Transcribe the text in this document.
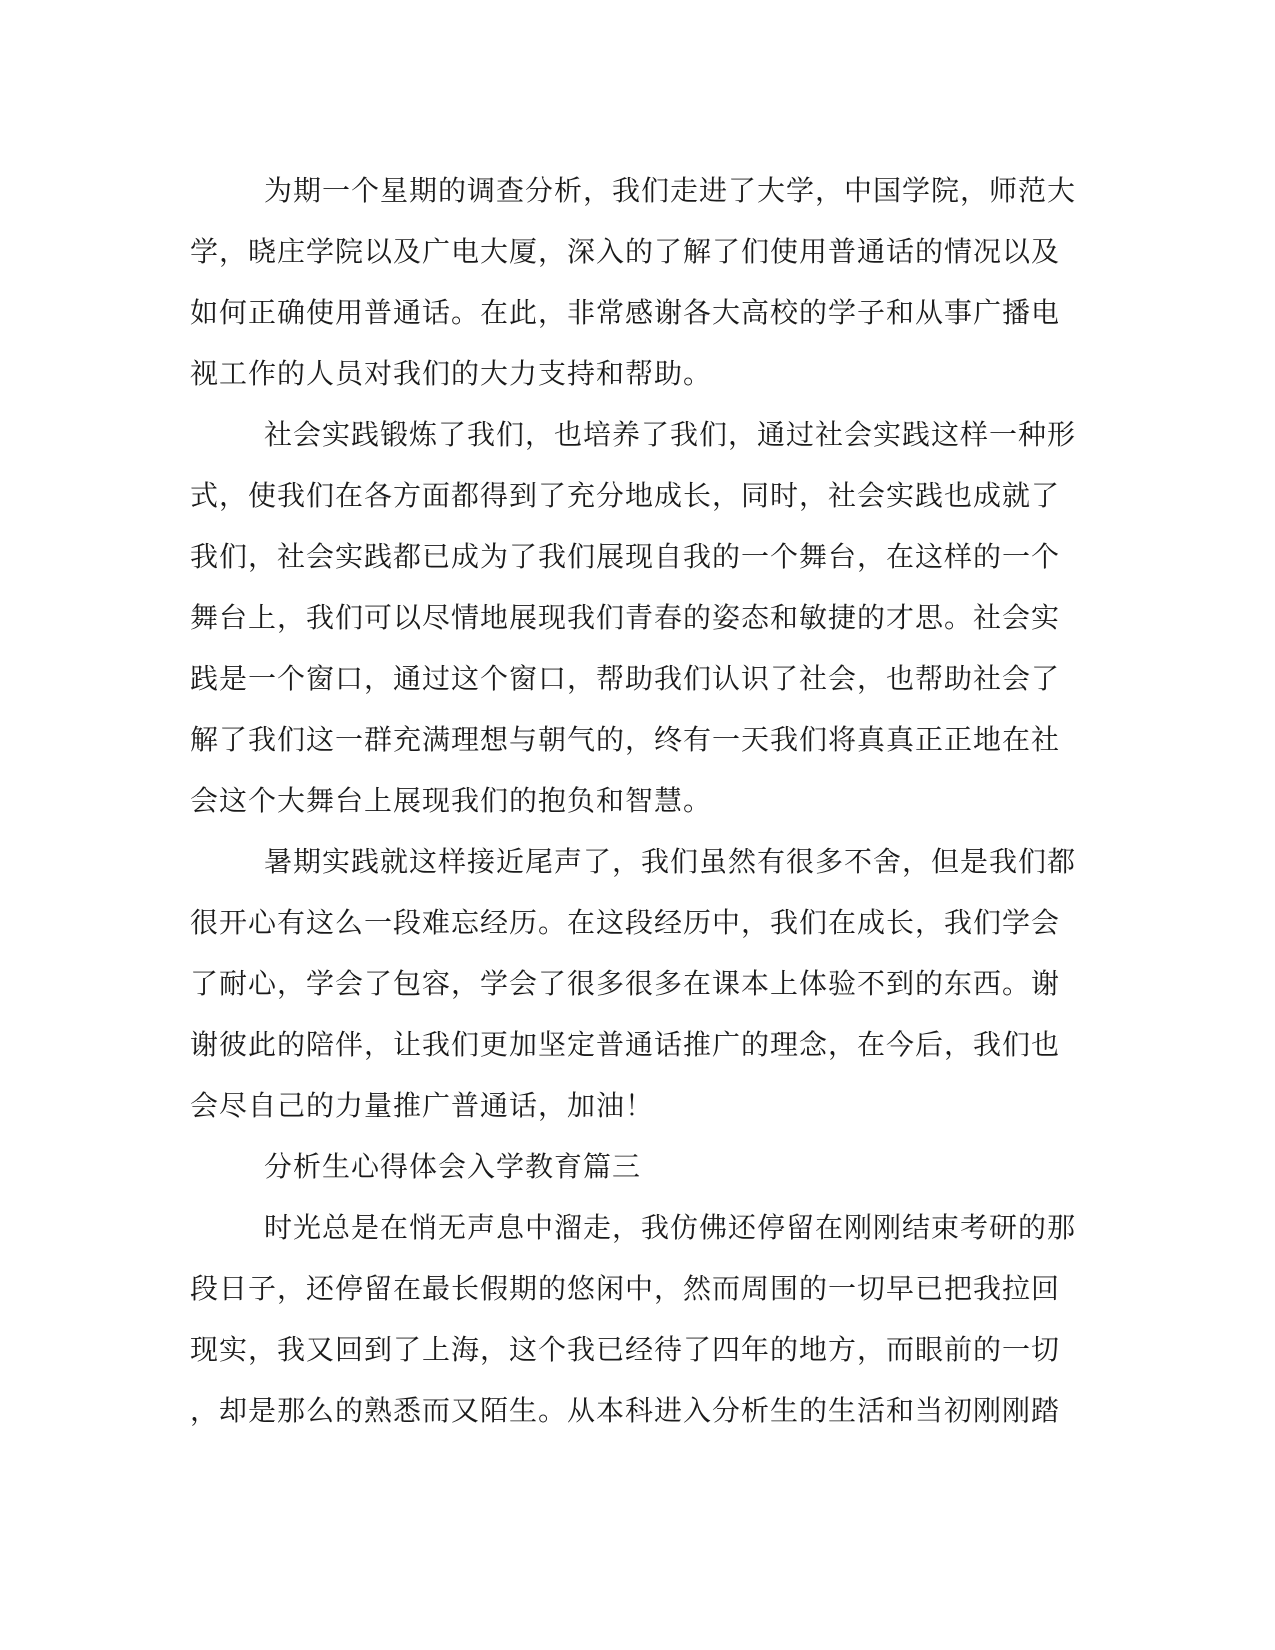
为期一个星期的调查分析，我们走进了大学，中国学院，师范大
学，晓庄学院以及广电大厦，深入的了解了们使用普通话的情况以及
如何正确使用普通话。在此，非常感谢各大高校的学子和从事广播电
视工作的人员对我们的大力支持和帮助。
社会实践锻炼了我们，也培养了我们，通过社会实践这样一种形
式，使我们在各方面都得到了充分地成长，同时，社会实践也成就了
我们，社会实践都已成为了我们展现自我的一个舞台，在这样的一个
舞台上，我们可以尽情地展现我们青春的姿态和敏捷的才思。社会实
践是一个窗口，通过这个窗口，帮助我们认识了社会，也帮助社会了
解了我们这一群充满理想与朝气的，终有一天我们将真真正正地在社
会这个大舞台上展现我们的抱负和智慧。
暑期实践就这样接近尾声了，我们虽然有很多不舍，但是我们都
很开心有这么一段难忘经历。在这段经历中，我们在成长，我们学会
了耐心，学会了包容，学会了很多很多在课本上体验不到的东西。谢
谢彼此的陪伴，让我们更加坚定普通话推广的理念，在今后，我们也
会尽自己的力量推广普通话，加油！
分析生心得体会入学教育篇三
时光总是在悄无声息中溜走，我仿佛还停留在刚刚结束考研的那
段日子，还停留在最长假期的悠闲中，然而周围的一切早已把我拉回
现实，我又回到了上海，这个我已经待了四年的地方，而眼前的一切
，却是那么的熟悉而又陌生。从本科进入分析生的生活和当初刚刚踏
